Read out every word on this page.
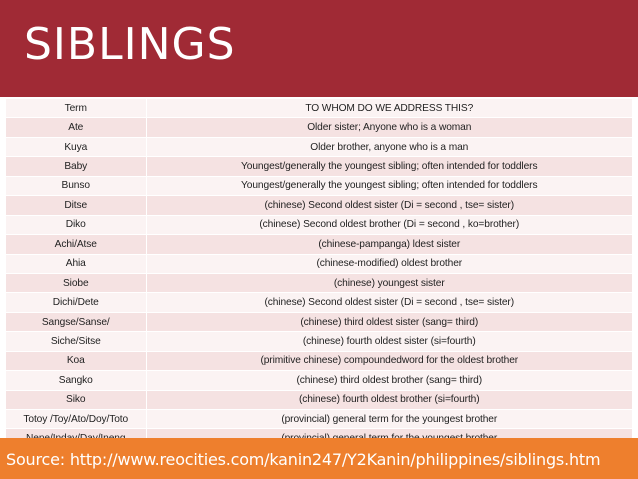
SIBLINGS
Term	TO WHOM DO WE ADDRESS THIS?
Ate	Older sister; Anyone who is a woman
Kuya	Older brother, anyone who is a man
Baby	Youngest/generally the youngest sibling; often intended for toddlers
Bunso	Youngest/generally the youngest sibling; often intended for toddlers
Ditse	(chinese) Second oldest sister (Di = second , tse= sister)
Diko	(chinese) Second oldest brother (Di = second , ko=brother)
Achi/Atse	(chinese-pampanga) ldest sister
Ahia	(chinese-modified) oldest brother
Siobe	(chinese) youngest sister
Dichi/Dete	(chinese) Second oldest sister (Di = second , tse= sister)
Sangse/Sanse/	(chinese) third oldest sister (sang= third)
Siche/Sitse	(chinese) fourth oldest sister (si=fourth)
Koa	(primitive chinese) compoundedword for the oldest brother
Sangko	(chinese) third oldest brother (sang= third)
Siko	(chinese) fourth oldest brother (si=fourth)
Totoy /Toy/Ato/Doy/Toto	(provincial) general term for the youngest brother

Source: http://www.reocities.com/kanin247/Y2Kanin/philippines/siblings.htm
